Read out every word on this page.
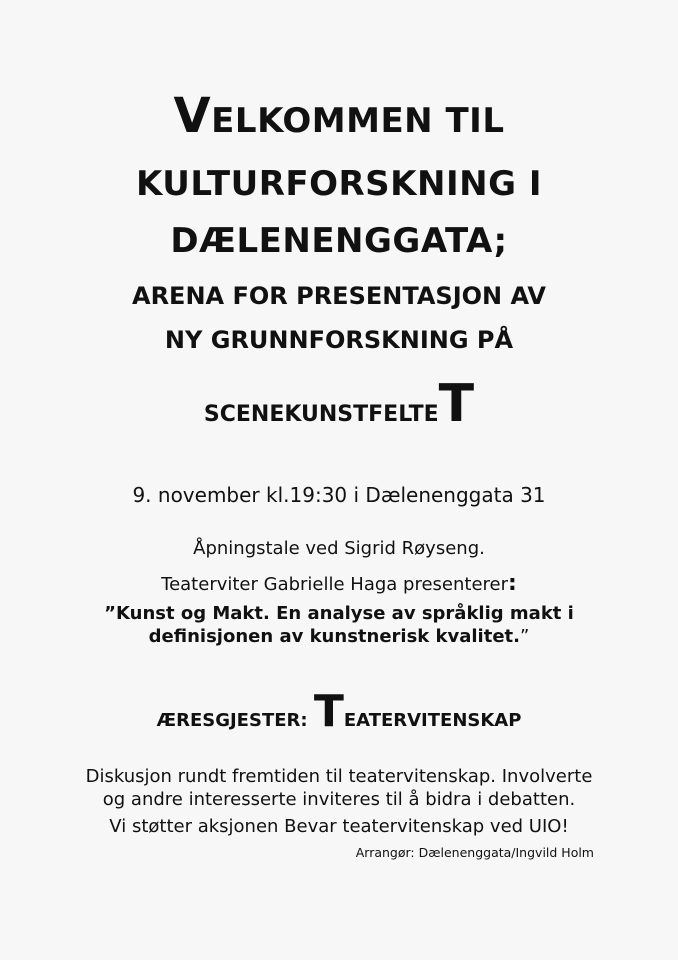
VELKOMMEN TIL
KULTURFORSKNING I
DÆLENENGGATA;
ARENA FOR PRESENTASJON AV
NY GRUNNFORSKNING PÅ
SCENEKUNSTFELTET
9. november kl.19:30 i Dælenenggata 31
Åpningstale ved Sigrid Røyseng.
Teaterviter Gabrielle Haga presenterer:
”Kunst og Makt. En analyse av språklig makt i
definisjonen av kunstnerisk kvalitet.”
ÆRESGJESTER: TEATERVITENSKAP
Diskusjon rundt fremtiden til teatervitenskap. Involverte
og andre interesserte inviteres til å bidra i debatten.
Vi støtter aksjonen Bevar teatervitenskap ved UIO!
Arrangør: Dælenenggata/Ingvild Holm
